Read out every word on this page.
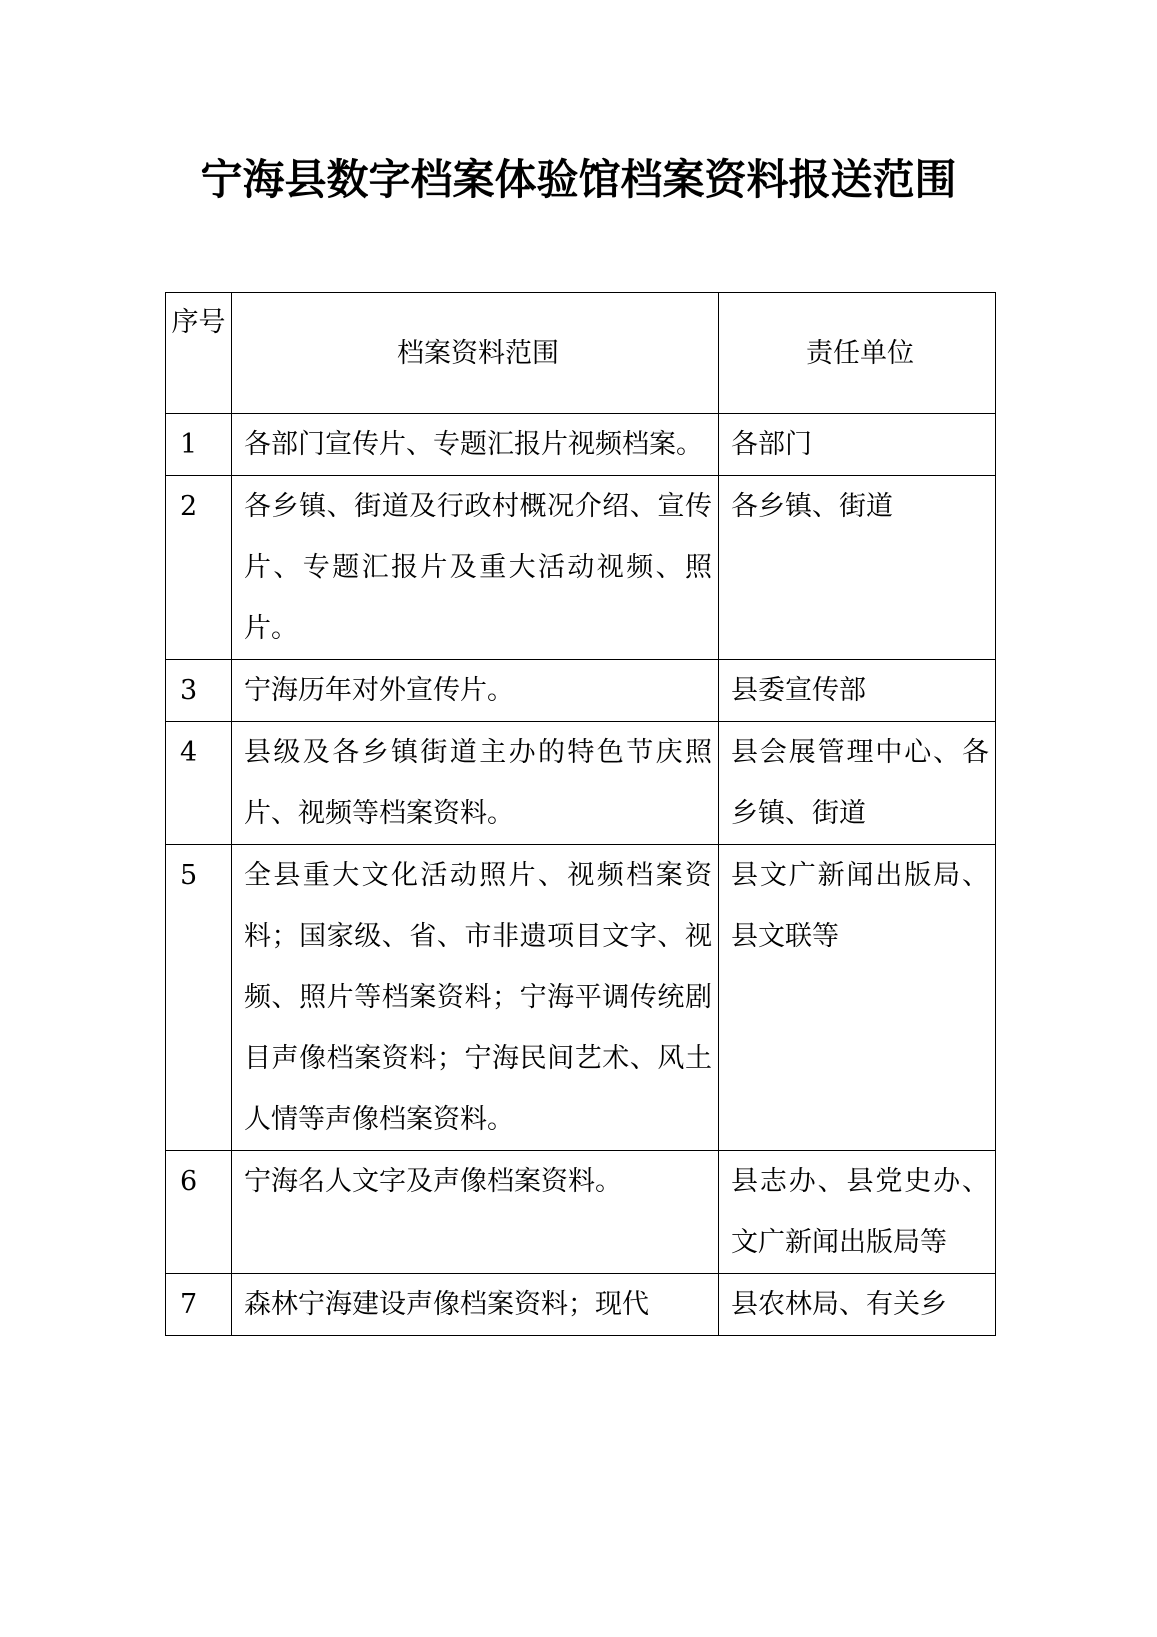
宁海县数字档案体验馆档案资料报送范围
序号	档案资料范围	责任单位
1	各部门宣传片、专题汇报片视频档案。	各部门
2	各乡镇、街道及行政村概况介绍、宣传片、专题汇报片及重大活动视频、照片。	各乡镇、街道
3	宁海历年对外宣传片。	县委宣传部
4	县级及各乡镇街道主办的特色节庆照片、视频等档案资料。	县会展管理中心、各乡镇、街道
5	全县重大文化活动照片、视频档案资料；国家级、省、市非遗项目文字、视频、照片等档案资料；宁海平调传统剧目声像档案资料；宁海民间艺术、风土人情等声像档案资料。	县文广新闻出版局、县文联等
6	宁海名人文字及声像档案资料。	县志办、县党史办、文广新闻出版局等
7	森林宁海建设声像档案资料；现代	县农林局、有关乡
